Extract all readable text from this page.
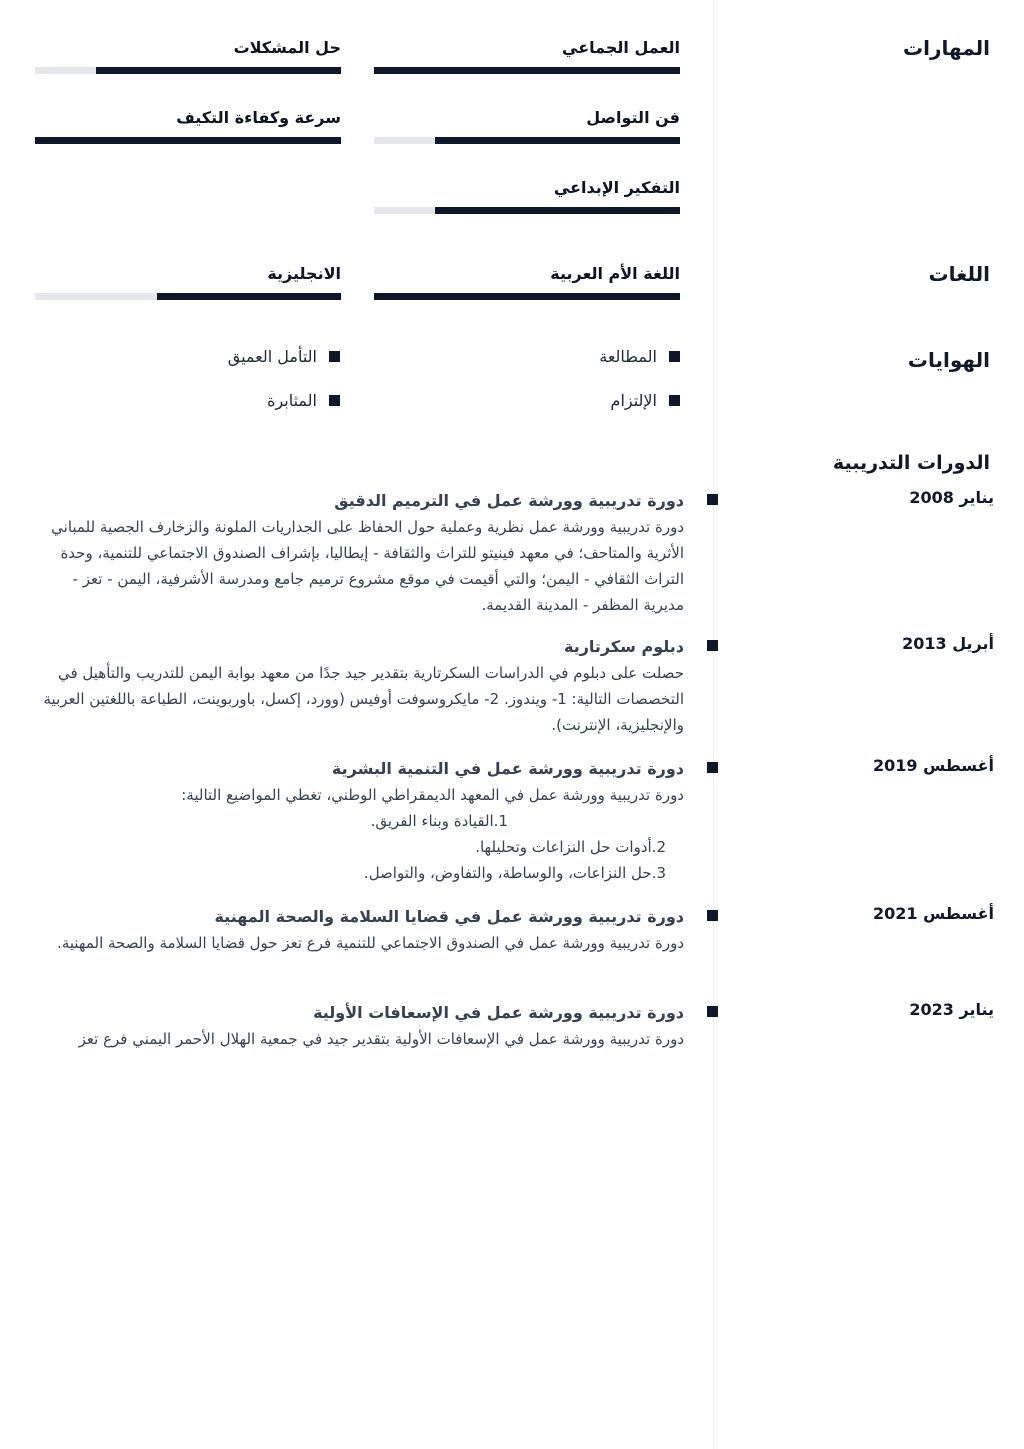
المهارات
اللغات
الهوايات
الدورات التدريبية
العمل الجماعي
حل المشكلات
فن التواصل
سرعة وكفاءة التكيف
التفكير الإبداعي
اللغة الأم العربية
الانجليزية
المطالعة
التأمل العميق
الإلتزام
المثابرة
يناير 2008
دورة تدريبية وورشة عمل في الترميم الدقيق

دورة تدريبية وورشة عمل نظرية وعملية حول الحفاظ على الجداريات الملونة والزخارف الجصية للمباني الأثرية والمتاحف؛ في معهد فينيتو للتراث والثقافة - إيطاليا، بإشراف الصندوق الاجتماعي للتنمية، وحدة التراث الثقافي - اليمن؛ والتي أقيمت في موقع مشروع ترميم جامع ومدرسة الأشرفية، اليمن - تعز - مديرية المظفر - المدينة القديمة.

أبريل 2013
دبلوم سكرتارية

حصلت على دبلوم في الدراسات السكرتارية بتقدير جيد جدًا من معهد بوابة اليمن للتدريب والتأهيل في التخصصات التالية: 1- ويندوز. 2- مايكروسوفت أوفيس (وورد، إكسل، باوربوينت، الطباعة باللغتين العربية والإنجليزية، الإنترنت).

أغسطس 2019
دورة تدريبية وورشة عمل في التنمية البشرية

دورة تدريبية وورشة عمل في المعهد الديمقراطي الوطني، تغطي المواضيع التالية:

1.القيادة وبناء الفريق.

2.أدوات حل النزاعات وتحليلها.

3.حل النزاعات، والوساطة، والتفاوض، والتواصل.

أغسطس 2021
دورة تدريبية وورشة عمل في قضايا السلامة والصحة المهنية

دورة تدريبية وورشة عمل في الصندوق الاجتماعي للتنمية فرع تعز حول قضايا السلامة والصحة المهنية.

يناير 2023
دورة تدريبية وورشة عمل في الإسعافات الأولية

دورة تدريبية وورشة عمل في الإسعافات الأولية بتقدير جيد في جمعية الهلال الأحمر اليمني فرع تعز
